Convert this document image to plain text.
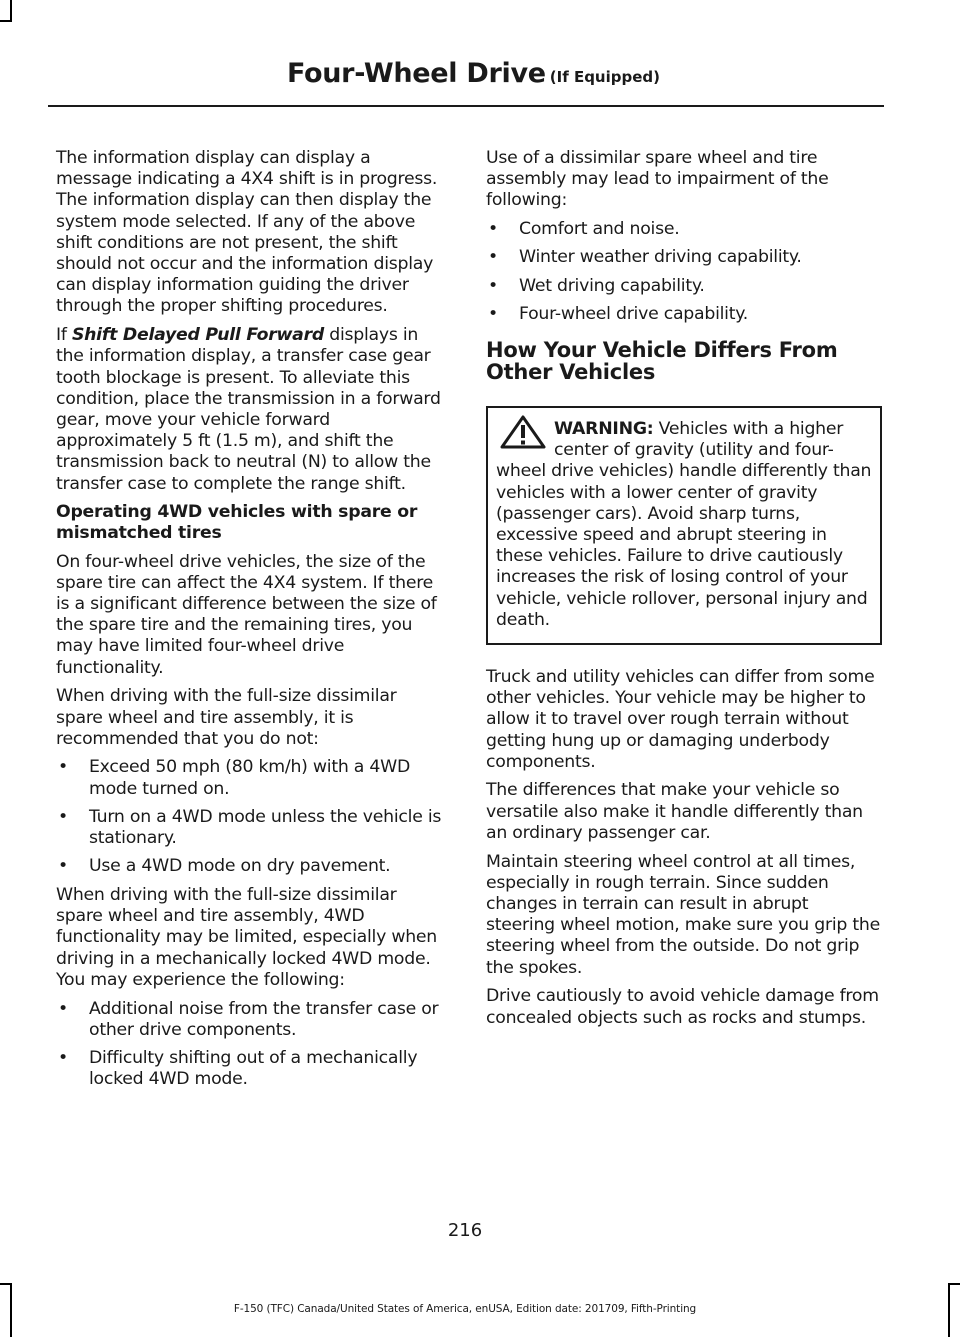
Four-Wheel Drive (If Equipped)

The information display can display a message indicating a 4X4 shift is in progress. The information display can then display the system mode selected. If any of the above shift conditions are not present, the shift should not occur and the information display can display information guiding the driver through the proper shifting procedures.

If Shift Delayed Pull Forward displays in the information display, a transfer case gear tooth blockage is present. To alleviate this condition, place the transmission in a forward gear, move your vehicle forward approximately 5 ft (1.5 m), and shift the transmission back to neutral (N) to allow the transfer case to complete the range shift.

Operating 4WD vehicles with spare or mismatched tires

On four-wheel drive vehicles, the size of the spare tire can affect the 4X4 system. If there is a significant difference between the size of the spare tire and the remaining tires, you may have limited four-wheel drive functionality.

When driving with the full-size dissimilar spare wheel and tire assembly, it is recommended that you do not:

• Exceed 50 mph (80 km/h) with a 4WD mode turned on.
• Turn on a 4WD mode unless the vehicle is stationary.
• Use a 4WD mode on dry pavement.

When driving with the full-size dissimilar spare wheel and tire assembly, 4WD functionality may be limited, especially when driving in a mechanically locked 4WD mode. You may experience the following:

• Additional noise from the transfer case or other drive components.
• Difficulty shifting out of a mechanically locked 4WD mode.

Use of a dissimilar spare wheel and tire assembly may lead to impairment of the following:

• Comfort and noise.
• Winter weather driving capability.
• Wet driving capability.
• Four-wheel drive capability.
How Your Vehicle Differs From Other Vehicles
WARNING: Vehicles with a higher center of gravity (utility and four-wheel drive vehicles) handle differently than vehicles with a lower center of gravity (passenger cars). Avoid sharp turns, excessive speed and abrupt steering in these vehicles. Failure to drive cautiously increases the risk of losing control of your vehicle, vehicle rollover, personal injury and death.

Truck and utility vehicles can differ from some other vehicles. Your vehicle may be higher to allow it to travel over rough terrain without getting hung up or damaging underbody components.

The differences that make your vehicle so versatile also make it handle differently than an ordinary passenger car.

Maintain steering wheel control at all times, especially in rough terrain. Since sudden changes in terrain can result in abrupt steering wheel motion, make sure you grip the steering wheel from the outside. Do not grip the spokes.

Drive cautiously to avoid vehicle damage from concealed objects such as rocks and stumps.

216
F-150 (TFC) Canada/United States of America, enUSA, Edition date: 201709, Fifth-Printing
